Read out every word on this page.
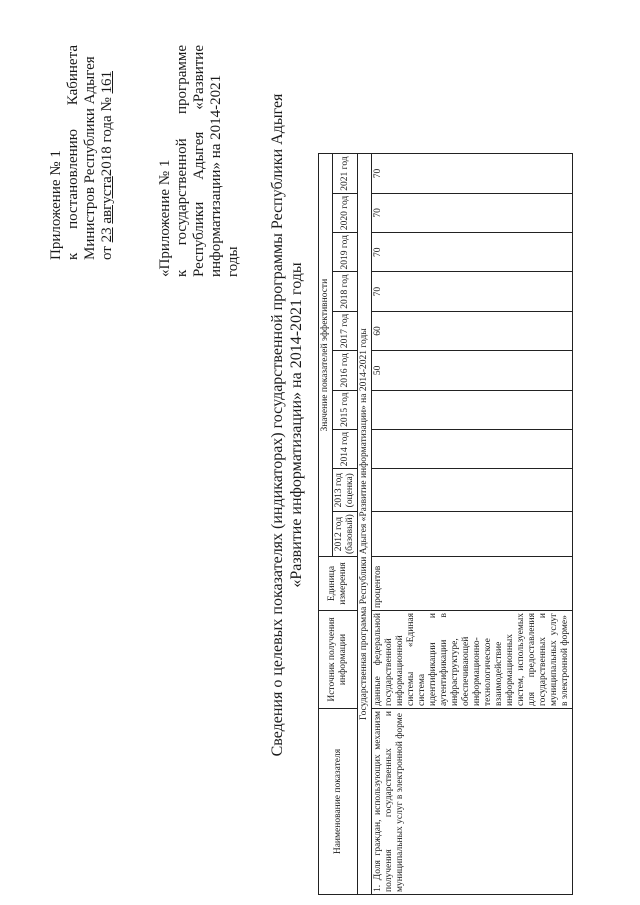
Приложение № 1 к
постановлению
Кабинета Министров Республики Адыгея от 23 августа2018 года № 161
«Приложение № 1 к
государственной
программе
Республики
Адыгея
«Развитие информатизации» на 2014-2021 годы Сведения о целевых показателях (индикаторах) государственной программы Республики Адыгея «Развитие информатизации» на 2014-2021 годы
Наименование показателя	Источник получения информации	Единица измерения	Значение показателей эффективности									
			2012 год (базовый)	2013 год (оценка)	2014 год	2015 год	2016 год	2017 год	2018 год	2019 год	2020 год	2021 год
Государственная программа Республики Адыгея «Развитие информатизации» на 2014-2021 годы												
1. Доля граждан, использующих механизм получения государственных и муниципальных услуг в электронной форме	данные федеральной государственной информационной системы «Единая система идентификации и аутентификации в инфраструктуре, обеспечивающей информационно-технологическое взаимодействие информационных систем, используемых для предоставления государственных и муниципальных услуг в электронной форме»	процентов					50	60	70	70	70	70
